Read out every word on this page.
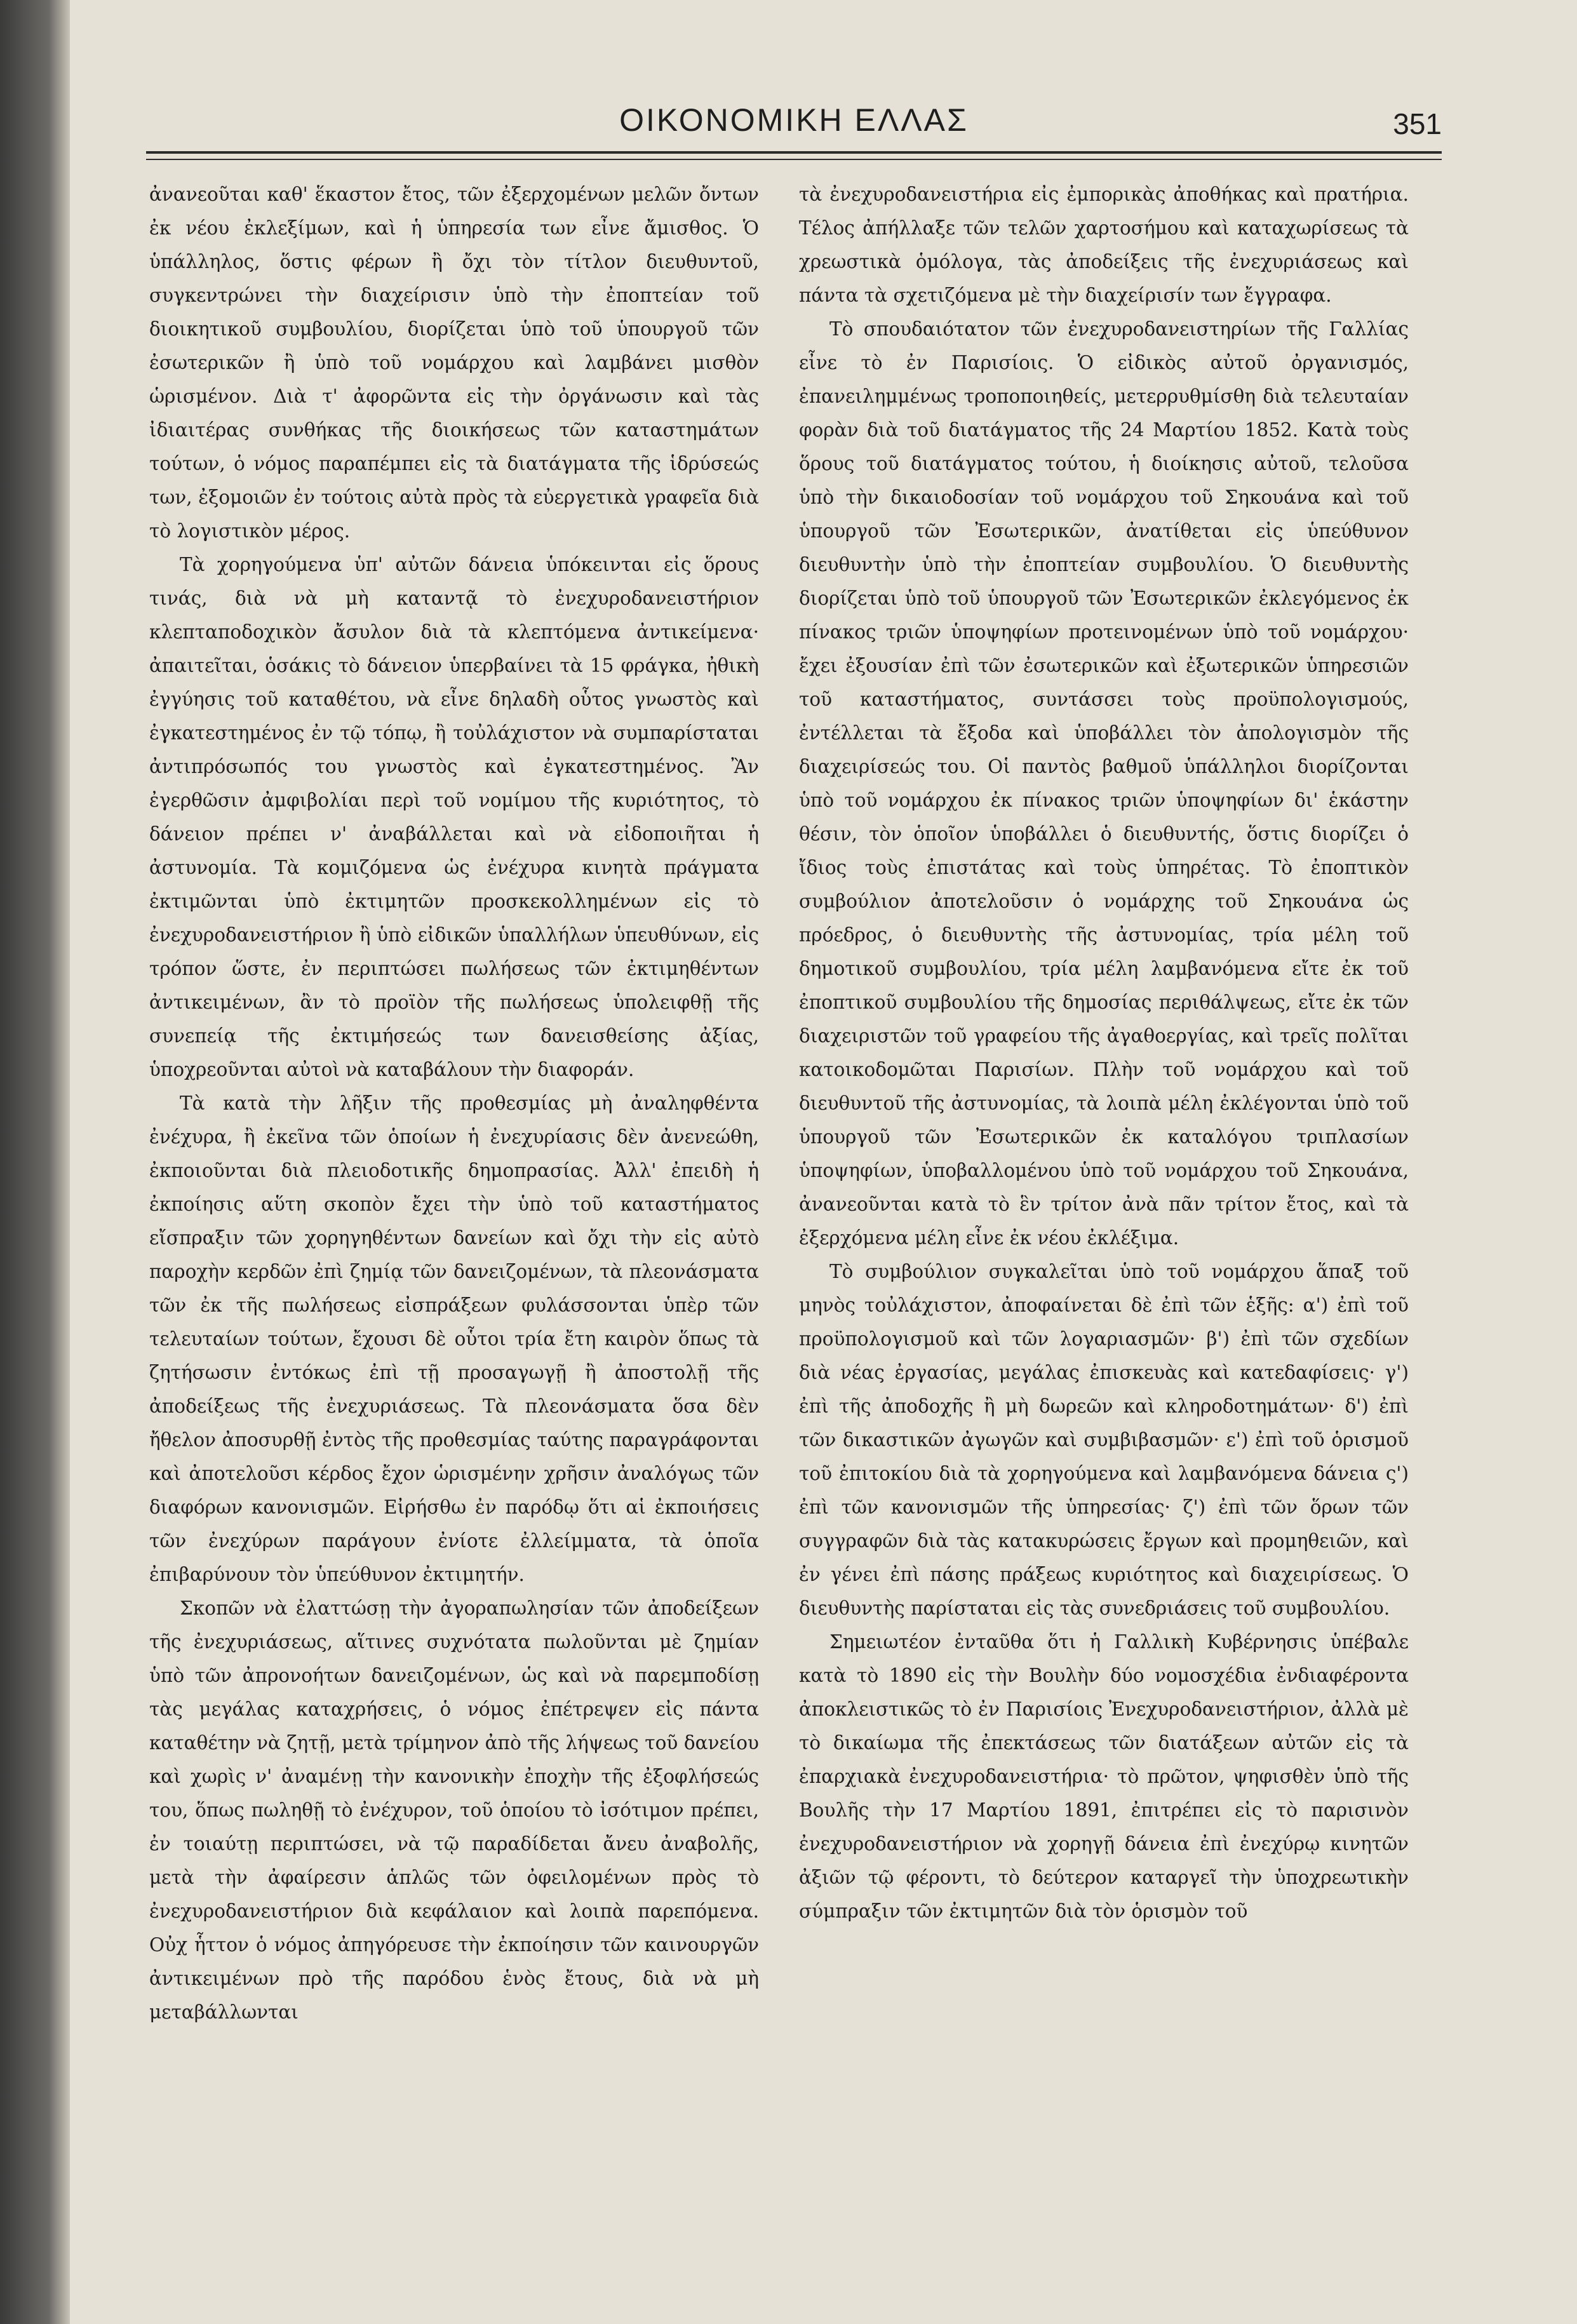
ΟΙΚΟΝΟΜΙΚΗ ΕΛΛΑΣ	351

ἀνανεοῦται καθ' ἕκαστον ἔτος, τῶν ἐξερχομένων μελῶν ὄντων ἐκ νέου ἐκλεξίμων, καὶ ἡ ὑπηρεσία των εἶνε ἄμισθος. Ὁ ὑπάλληλος, ὅστις φέρων ἢ ὄχι τὸν τίτλον διευθυντοῦ, συγκεντρώνει τὴν διαχείρισιν ὑπὸ τὴν ἐποπτείαν τοῦ διοικητικοῦ συμβουλίου, διορίζεται ὑπὸ τοῦ ὑπουργοῦ τῶν ἐσωτερικῶν ἢ ὑπὸ τοῦ νομάρχου καὶ λαμβάνει μισθὸν ὡρισμένον. Διὰ τ' ἀφορῶντα εἰς τὴν ὀργάνωσιν καὶ τὰς ἰδιαιτέρας συνθήκας τῆς διοικήσεως τῶν καταστημάτων τούτων, ὁ νόμος παραπέμπει εἰς τὰ διατάγματα τῆς ἱδρύσεώς των, ἐξομοιῶν ἐν τούτοις αὐτὰ πρὸς τὰ εὐεργετικὰ γραφεῖα διὰ τὸ λογιστικὸν μέρος.

Τὰ χορηγούμενα ὑπ' αὐτῶν δάνεια ὑπόκεινται εἰς ὅρους τινάς, διὰ νὰ μὴ καταντᾷ τὸ ἐνεχυροδανειστήριον κλεπταποδοχικὸν ἄσυλον διὰ τὰ κλεπτόμενα ἀντικείμενα· ἀπαιτεῖται, ὁσάκις τὸ δάνειον ὑπερβαίνει τὰ 15 φράγκα, ἠθικὴ ἐγγύησις τοῦ καταθέτου, νὰ εἶνε δηλαδὴ οὗτος γνωστὸς καὶ ἐγκατεστημένος ἐν τῷ τόπῳ, ἢ τοὐλάχιστον νὰ συμπαρίσταται ἀντιπρόσωπός του γνωστὸς καὶ ἐγκατεστημένος. Ἂν ἐγερθῶσιν ἀμφιβολίαι περὶ τοῦ νομίμου τῆς κυριότητος, τὸ δάνειον πρέπει ν' ἀναβάλλεται καὶ νὰ εἰδοποιῆται ἡ ἀστυνομία. Τὰ κομιζόμενα ὡς ἐνέχυρα κινητὰ πράγματα ἐκτιμῶνται ὑπὸ ἐκτιμητῶν προσκεκολλημένων εἰς τὸ ἐνεχυροδανειστήριον ἢ ὑπὸ εἰδικῶν ὑπαλλήλων ὑπευθύνων, εἰς τρόπον ὥστε, ἐν περιπτώσει πωλήσεως τῶν ἐκτιμηθέντων ἀντικειμένων, ἂν τὸ προϊὸν τῆς πωλήσεως ὑπολειφθῇ τῆς συνεπείᾳ τῆς ἐκτιμήσεώς των δανεισθείσης ἀξίας, ὑποχρεοῦνται αὐτοὶ νὰ καταβάλουν τὴν διαφοράν.

Τὰ κατὰ τὴν λῆξιν τῆς προθεσμίας μὴ ἀναληφθέντα ἐνέχυρα, ἢ ἐκεῖνα τῶν ὁποίων ἡ ἐνεχυρίασις δὲν ἀνενεώθη, ἐκποιοῦνται διὰ πλειοδοτικῆς δημοπρασίας. Ἀλλ' ἐπειδὴ ἡ ἐκποίησις αὕτη σκοπὸν ἔχει τὴν ὑπὸ τοῦ καταστήματος εἴσπραξιν τῶν χορηγηθέντων δανείων καὶ ὄχι τὴν εἰς αὐτὸ παροχὴν κερδῶν ἐπὶ ζημίᾳ τῶν δανειζομένων, τὰ πλεονάσματα τῶν ἐκ τῆς πωλήσεως εἰσπράξεων φυλάσσονται ὑπὲρ τῶν τελευταίων τούτων, ἔχουσι δὲ οὗτοι τρία ἔτη καιρὸν ὅπως τὰ ζητήσωσιν ἐντόκως ἐπὶ τῇ προσαγωγῇ ἢ ἀποστολῇ τῆς ἀποδείξεως τῆς ἐνεχυριάσεως. Τὰ πλεονάσματα ὅσα δὲν ἤθελον ἀποσυρθῇ ἐντὸς τῆς προθεσμίας ταύτης παραγράφονται καὶ ἀποτελοῦσι κέρδος ἔχον ὡρισμένην χρῆσιν ἀναλόγως τῶν διαφόρων κανονισμῶν. Εἰρήσθω ἐν παρόδῳ ὅτι αἱ ἐκποιήσεις τῶν ἐνεχύρων παράγουν ἐνίοτε ἐλλείμματα, τὰ ὁποῖα ἐπιβαρύνουν τὸν ὑπεύθυνον ἐκτιμητήν.

Σκοπῶν νὰ ἐλαττώσῃ τὴν ἀγοραπωλησίαν τῶν ἀποδείξεων τῆς ἐνεχυριάσεως, αἵτινες συχνότατα πωλοῦνται μὲ ζημίαν ὑπὸ τῶν ἀπρονοήτων δανειζομένων, ὡς καὶ νὰ παρεμποδίσῃ τὰς μεγάλας καταχρήσεις, ὁ νόμος ἐπέτρεψεν εἰς πάντα καταθέτην νὰ ζητῇ, μετὰ τρίμηνον ἀπὸ τῆς λήψεως τοῦ δανείου καὶ χωρὶς ν' ἀναμένῃ τὴν κανονικὴν ἐποχὴν τῆς ἐξοφλήσεώς του, ὅπως πωληθῇ τὸ ἐνέχυρον, τοῦ ὁποίου τὸ ἰσότιμον πρέπει, ἐν τοιαύτῃ περιπτώσει, νὰ τῷ παραδίδεται ἄνευ ἀναβολῆς, μετὰ τὴν ἀφαίρεσιν ἁπλῶς τῶν ὀφειλομένων πρὸς τὸ ἐνεχυροδανειστήριον διὰ κεφάλαιον καὶ λοιπὰ παρεπόμενα. Οὐχ ἧττον ὁ νόμος ἀπηγόρευσε τὴν ἐκποίησιν τῶν καινουργῶν ἀντικειμένων πρὸ τῆς παρόδου ἑνὸς ἔτους, διὰ νὰ μὴ μεταβάλλωνται

τὰ ἐνεχυροδανειστήρια εἰς ἐμπορικὰς ἀποθήκας καὶ πρατήρια. Τέλος ἀπήλλαξε τῶν τελῶν χαρτοσήμου καὶ καταχωρίσεως τὰ χρεωστικὰ ὁμόλογα, τὰς ἀποδείξεις τῆς ἐνεχυριάσεως καὶ πάντα τὰ σχετιζόμενα μὲ τὴν διαχείρισίν των ἔγγραφα.

Τὸ σπουδαιότατον τῶν ἐνεχυροδανειστηρίων τῆς Γαλλίας εἶνε τὸ ἐν Παρισίοις. Ὁ εἰδικὸς αὐτοῦ ὀργανισμός, ἐπανειλημμένως τροποποιηθείς, μετερρυθμίσθη διὰ τελευταίαν φορὰν διὰ τοῦ διατάγματος τῆς 24 Μαρτίου 1852. Κατὰ τοὺς ὅρους τοῦ διατάγματος τούτου, ἡ διοίκησις αὐτοῦ, τελοῦσα ὑπὸ τὴν δικαιοδοσίαν τοῦ νομάρχου τοῦ Σηκουάνα καὶ τοῦ ὑπουργοῦ τῶν Ἐσωτερικῶν, ἀνατίθεται εἰς ὑπεύθυνον διευθυντὴν ὑπὸ τὴν ἐποπτείαν συμβουλίου. Ὁ διευθυντὴς διορίζεται ὑπὸ τοῦ ὑπουργοῦ τῶν Ἐσωτερικῶν ἐκλεγόμενος ἐκ πίνακος τριῶν ὑποψηφίων προτεινομένων ὑπὸ τοῦ νομάρχου· ἔχει ἐξουσίαν ἐπὶ τῶν ἐσωτερικῶν καὶ ἐξωτερικῶν ὑπηρεσιῶν τοῦ καταστήματος, συντάσσει τοὺς προϋπολογισμούς, ἐντέλλεται τὰ ἔξοδα καὶ ὑποβάλλει τὸν ἀπολογισμὸν τῆς διαχειρίσεώς του. Οἱ παντὸς βαθμοῦ ὑπάλληλοι διορίζονται ὑπὸ τοῦ νομάρχου ἐκ πίνακος τριῶν ὑποψηφίων δι' ἑκάστην θέσιν, τὸν ὁποῖον ὑποβάλλει ὁ διευθυντής, ὅστις διορίζει ὁ ἴδιος τοὺς ἐπιστάτας καὶ τοὺς ὑπηρέτας. Τὸ ἐποπτικὸν συμβούλιον ἀποτελοῦσιν ὁ νομάρχης τοῦ Σηκουάνα ὡς πρόεδρος, ὁ διευθυντὴς τῆς ἀστυνομίας, τρία μέλη τοῦ δημοτικοῦ συμβουλίου, τρία μέλη λαμβανόμενα εἴτε ἐκ τοῦ ἐποπτικοῦ συμβουλίου τῆς δημοσίας περιθάλψεως, εἴτε ἐκ τῶν διαχειριστῶν τοῦ γραφείου τῆς ἀγαθοεργίας, καὶ τρεῖς πολῖται κατοικοδομῶται Παρισίων. Πλὴν τοῦ νομάρχου καὶ τοῦ διευθυντοῦ τῆς ἀστυνομίας, τὰ λοιπὰ μέλη ἐκλέγονται ὑπὸ τοῦ ὑπουργοῦ τῶν Ἐσωτερικῶν ἐκ καταλόγου τριπλασίων ὑποψηφίων, ὑποβαλλομένου ὑπὸ τοῦ νομάρχου τοῦ Σηκουάνα, ἀνανεοῦνται κατὰ τὸ ἓν τρίτον ἀνὰ πᾶν τρίτον ἔτος, καὶ τὰ ἐξερχόμενα μέλη εἶνε ἐκ νέου ἐκλέξιμα.

Τὸ συμβούλιον συγκαλεῖται ὑπὸ τοῦ νομάρχου ἅπαξ τοῦ μηνὸς τοὐλάχιστον, ἀποφαίνεται δὲ ἐπὶ τῶν ἑξῆς: α') ἐπὶ τοῦ προϋπολογισμοῦ καὶ τῶν λογαριασμῶν· β') ἐπὶ τῶν σχεδίων διὰ νέας ἐργασίας, μεγάλας ἐπισκευὰς καὶ κατεδαφίσεις· γ') ἐπὶ τῆς ἀποδοχῆς ἢ μὴ δωρεῶν καὶ κληροδοτημάτων· δ') ἐπὶ τῶν δικαστικῶν ἀγωγῶν καὶ συμβιβασμῶν· ε') ἐπὶ τοῦ ὁρισμοῦ τοῦ ἐπιτοκίου διὰ τὰ χορηγούμενα καὶ λαμβανόμενα δάνεια ς') ἐπὶ τῶν κανονισμῶν τῆς ὑπηρεσίας· ζ') ἐπὶ τῶν ὅρων τῶν συγγραφῶν διὰ τὰς κατακυρώσεις ἔργων καὶ προμηθειῶν, καὶ ἐν γένει ἐπὶ πάσης πράξεως κυριότητος καὶ διαχειρίσεως. Ὁ διευθυντὴς παρίσταται εἰς τὰς συνεδριάσεις τοῦ συμβουλίου.

Σημειωτέον ἐνταῦθα ὅτι ἡ Γαλλικὴ Κυβέρνησις ὑπέβαλε κατὰ τὸ 1890 εἰς τὴν Βουλὴν δύο νομοσχέδια ἐνδιαφέροντα ἀποκλειστικῶς τὸ ἐν Παρισίοις Ἐνεχυροδανειστήριον, ἀλλὰ μὲ τὸ δικαίωμα τῆς ἐπεκτάσεως τῶν διατάξεων αὐτῶν εἰς τὰ ἐπαρχιακὰ ἐνεχυροδανειστήρια· τὸ πρῶτον, ψηφισθὲν ὑπὸ τῆς Βουλῆς τὴν 17 Μαρτίου 1891, ἐπιτρέπει εἰς τὸ παρισινὸν ἐνεχυροδανειστήριον νὰ χορηγῇ δάνεια ἐπὶ ἐνεχύρῳ κινητῶν ἀξιῶν τῷ φέροντι, τὸ δεύτερον καταργεῖ τὴν ὑποχρεωτικὴν σύμπραξιν τῶν ἐκτιμητῶν διὰ τὸν ὁρισμὸν τοῦ
